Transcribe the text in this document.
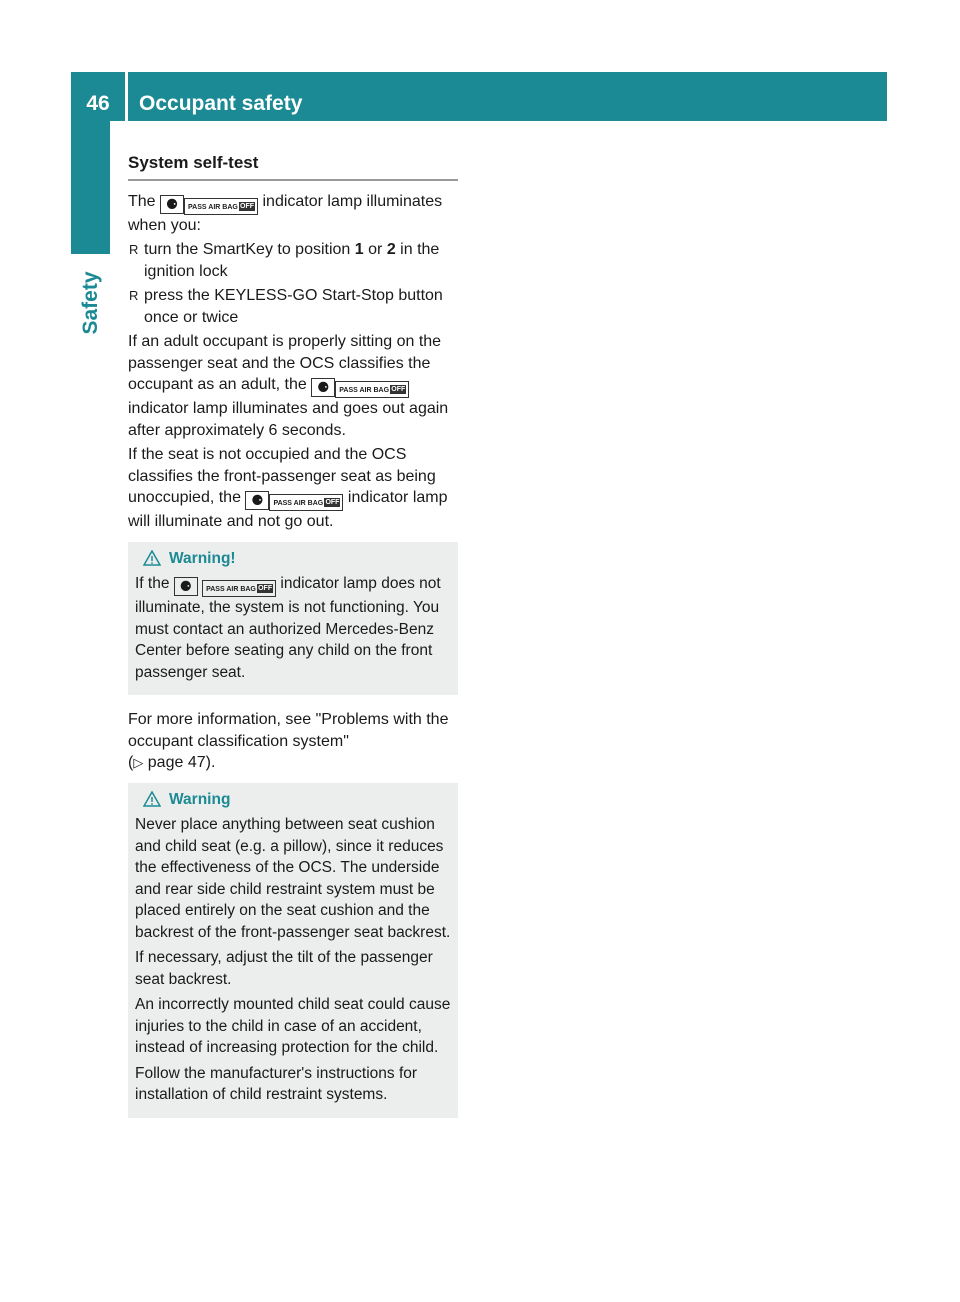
46	Occupant safety
Safety
System self-test

The ⚈ PASS AIR BAG OFF indicator lamp illuminates when you:

R turn the SmartKey to position 1 or 2 in the ignition lock
R press the KEYLESS-GO Start-Stop button once or twice

If an adult occupant is properly sitting on the passenger seat and the OCS classifies the occupant as an adult, the ⚈ PASS AIR BAG OFF
indicator lamp illuminates and goes out again after approximately 6 seconds.

If the seat is not occupied and the OCS classifies the front-passenger seat as being unoccupied, the ⚈ PASS AIR BAG OFF indicator lamp will illuminate and not go out.

Warning!

If the ⚈ PASS AIR BAG OFF indicator lamp does not illuminate, the system is not functioning. You must contact an authorized Mercedes-Benz Center before seating any child on the front passenger seat.

For more information, see "Problems with the occupant classification system"
(▷ page 47).

Warning

Never place anything between seat cushion and child seat (e.g. a pillow), since it reduces the effectiveness of the OCS. The underside and rear side child restraint system must be placed entirely on the seat cushion and the backrest of the front-passenger seat backrest.

If necessary, adjust the tilt of the passenger seat backrest.

An incorrectly mounted child seat could cause injuries to the child in case of an accident, instead of increasing protection for the child.

Follow the manufacturer's instructions for installation of child restraint systems.
